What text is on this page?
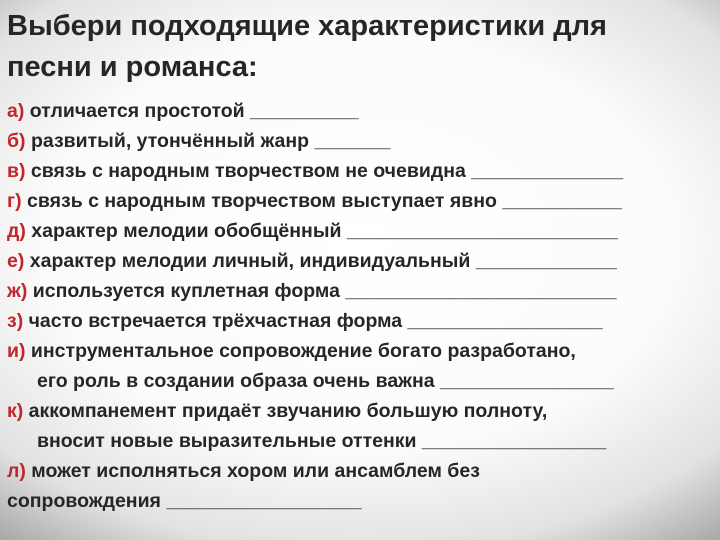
Выбери подходящие характеристики для
песни и романса:
а) отличается простотой __________
б) развитый, утончённый жанр _______
в) связь с народным творчеством не очевидна ______________
г) связь с народным творчеством выступает явно ___________
д) характер мелодии обобщённый _________________________
е) характер мелодии личный, индивидуальный _____________
ж) используется куплетная форма _________________________
з) часто встречается трёхчастная форма __________________
и) инструментальное сопровождение богато разработано,
его роль в создании образа очень важна ________________
к) аккомпанемент придаёт звучанию большую полноту,
вносит новые выразительные оттенки _________________
л) может исполняться хором или ансамблем без
сопровождения __________________
